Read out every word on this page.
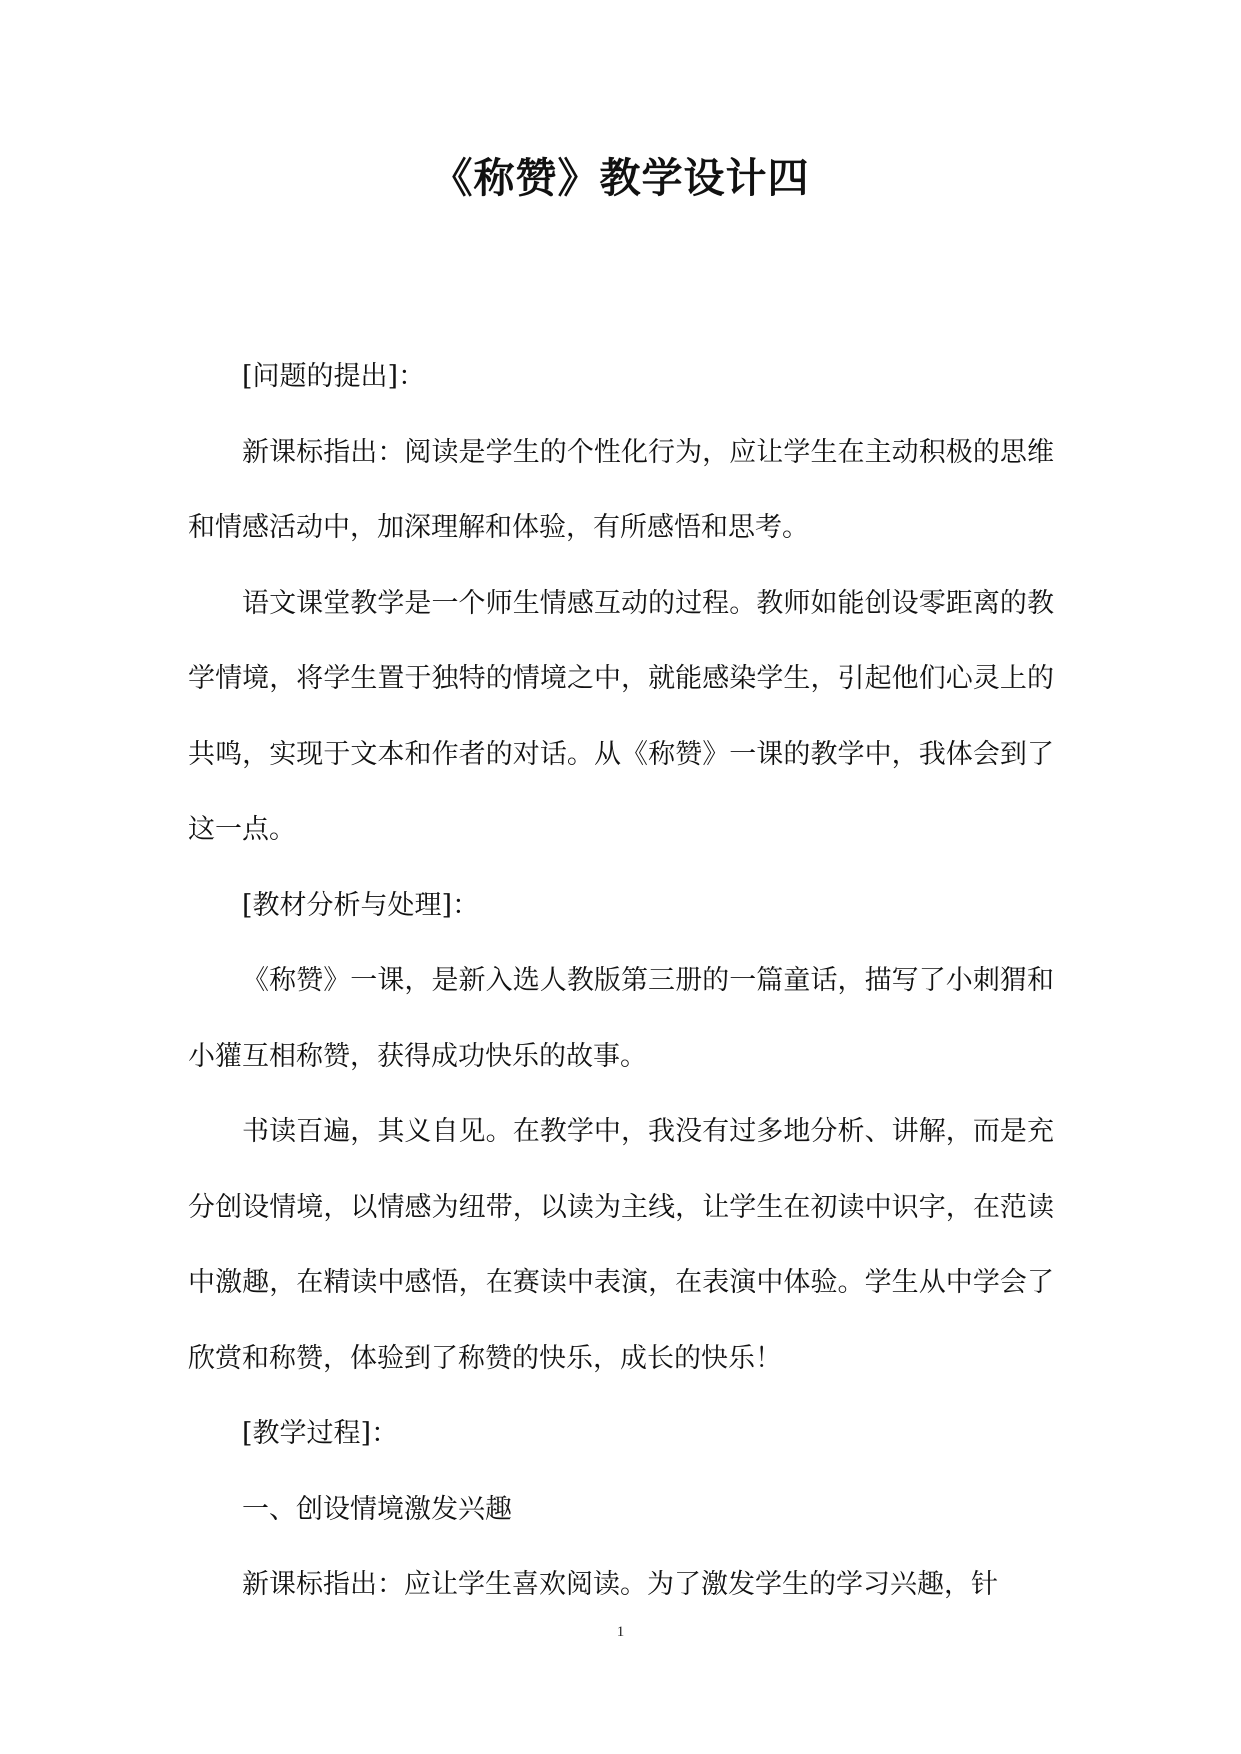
《称赞》教学设计四

[问题的提出]：

新课标指出：阅读是学生的个性化行为，应让学生在主动积极的思维和情感活动中，加深理解和体验，有所感悟和思考。

语文课堂教学是一个师生情感互动的过程。教师如能创设零距离的教学情境，将学生置于独特的情境之中，就能感染学生，引起他们心灵上的共鸣，实现于文本和作者的对话。从《称赞》一课的教学中，我体会到了这一点。

[教材分析与处理]：

《称赞》一课，是新入选人教版第三册的一篇童话，描写了小刺猬和小獾互相称赞，获得成功快乐的故事。

书读百遍，其义自见。在教学中，我没有过多地分析、讲解，而是充分创设情境，以情感为纽带，以读为主线，让学生在初读中识字，在范读中激趣，在精读中感悟，在赛读中表演，在表演中体验。学生从中学会了欣赏和称赞，体验到了称赞的快乐，成长的快乐！

[教学过程]：

一、创设情境激发兴趣

新课标指出：应让学生喜欢阅读。为了激发学生的学习兴趣，针

1
